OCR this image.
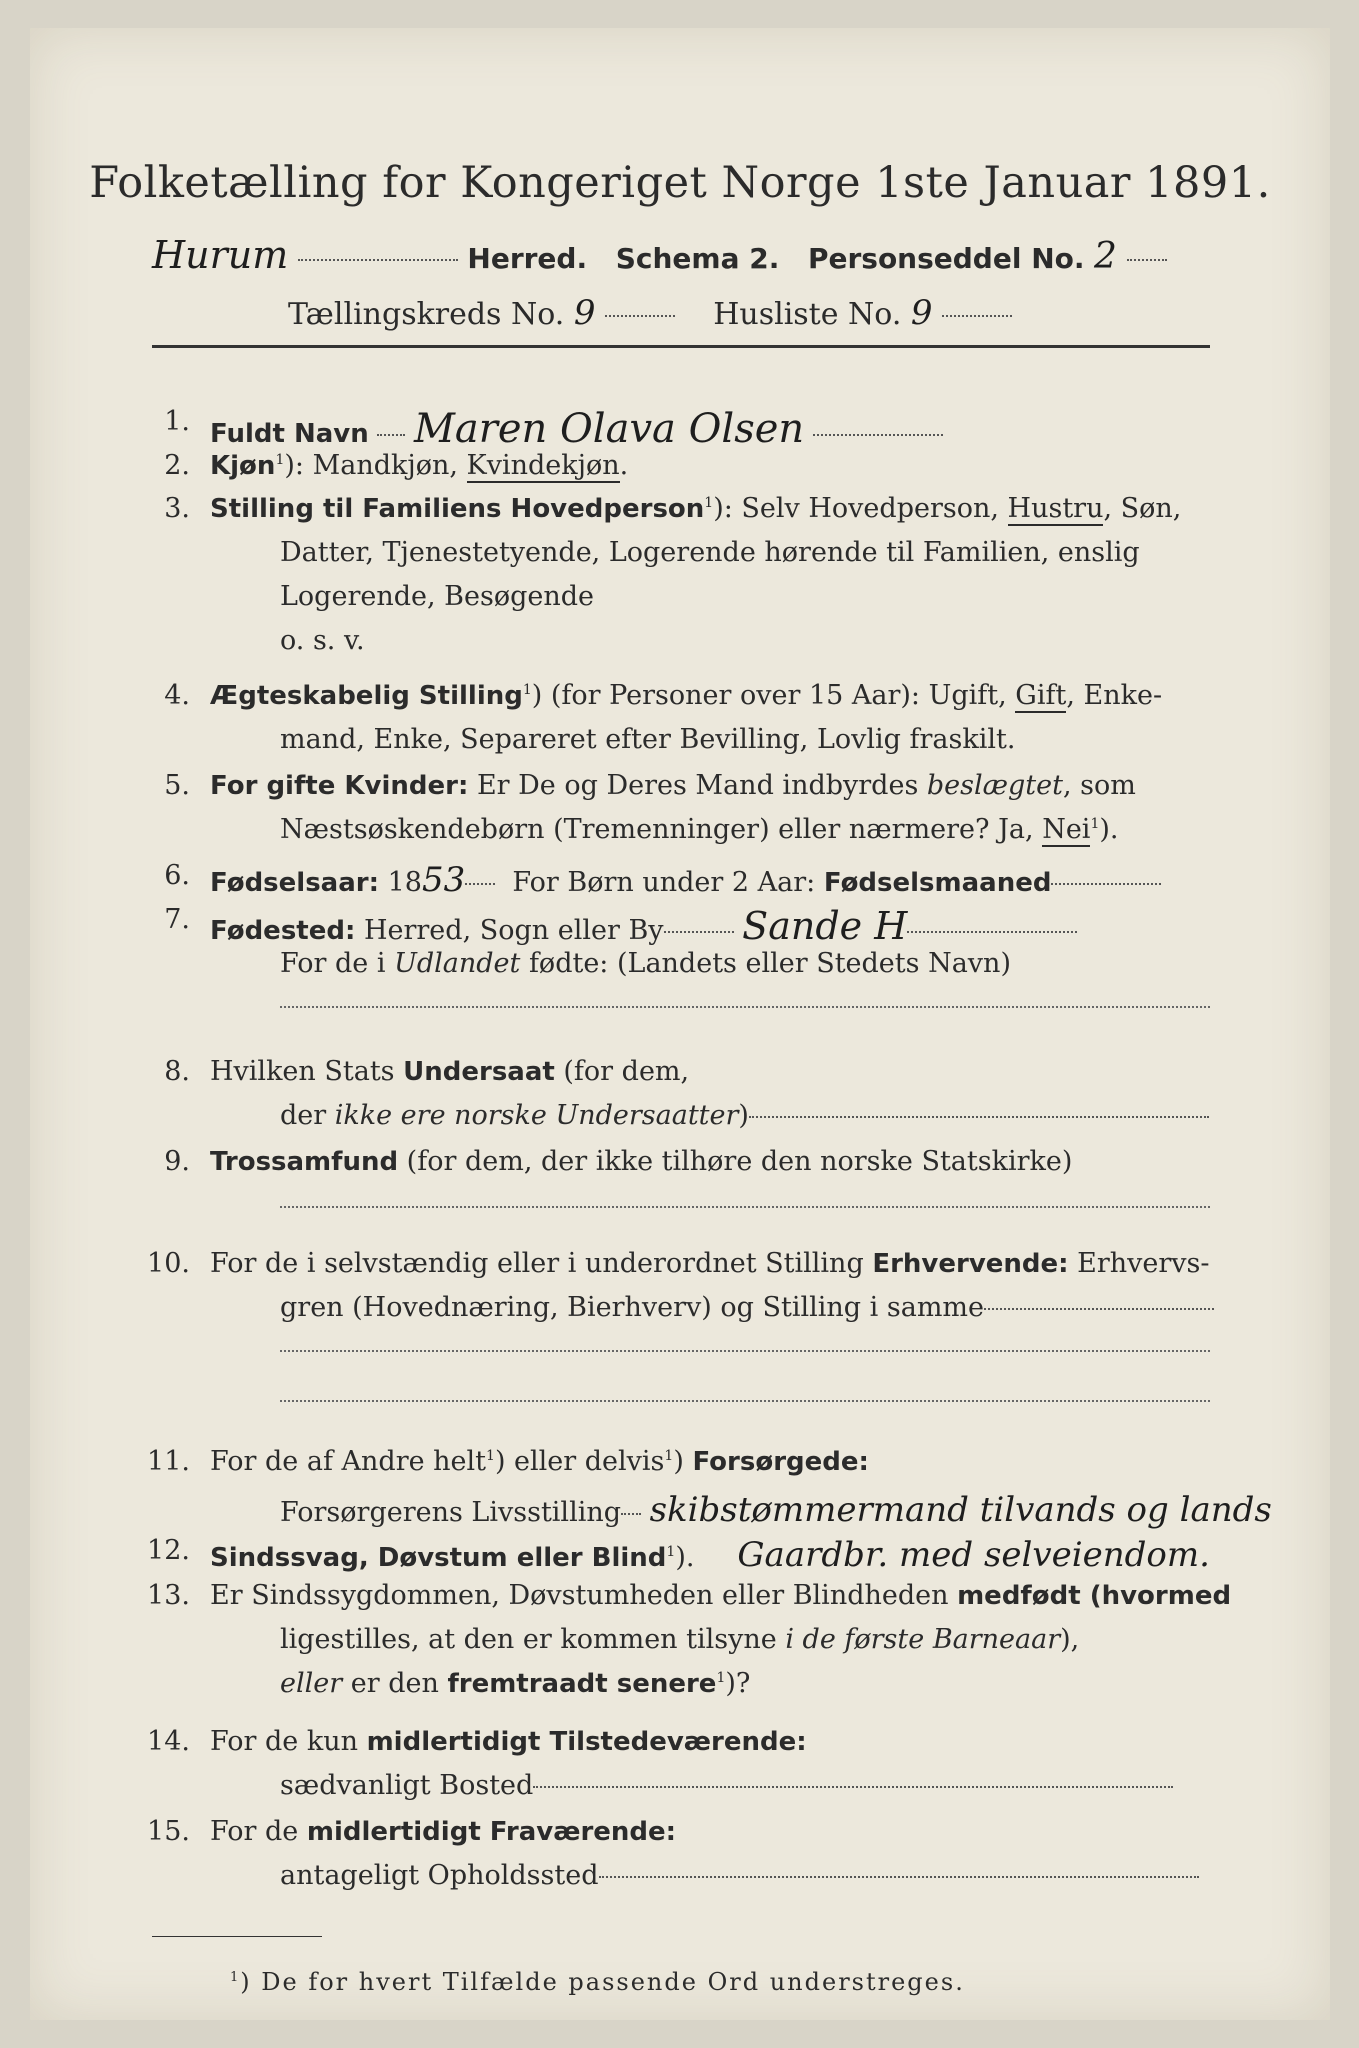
Folketælling for Kongeriget Norge 1ste Januar 1891.
Hurum	Herred. Schema 2. Personseddel No. 2
Tællingskreds No. 9	Husliste No. 9
1. Fuldt Navn Maren Olava Olsen
2. Kjøn$^1$): Mandkjøn, Kvindekjøn.
3. Stilling til Familiens Hovedperson$^1$): Selv Hovedperson, Hustru, Søn,
Datter, Tjenestetyende, Logerende hørende til Familien, enslig
Logerende, Besøgende
o. s. v.
4. Ægteskabelig Stilling$^1$) (for Personer over 15 Aar): Ugift, Gift, Enke-
mand, Enke, Separeret efter Bevilling, Lovlig fraskilt.
5. For gifte Kvinder: Er De og Deres Mand indbyrdes beslægtet, som
Næstsøskendebørn (Tremenninger) eller nærmere? Ja, Nei$^1$).
6. Fødselsaar: 1853 For Børn under 2 Aar: Fødselsmaaned
7. Fødested: Herred, Sogn eller By Sande H
For de i Udlandet fødte: (Landets eller Stedets Navn)
8. Hvilken Stats Undersaat (for dem,
der ikke ere norske Undersaatter)
9. Trossamfund (for dem, der ikke tilhøre den norske Statskirke)
10. For de i selvstændig eller i underordnet Stilling Erhvervende: Erhvervs-
gren (Hovednæring, Bierhverv) og Stilling i samme
11. For de af Andre helt$^1$) eller delvis$^1$) Forsørgede:
Forsørgerens Livsstilling skibstømmermand tilvands og lands
12. Sindssvag, Døvstum eller Blind$^1$). Gaardbr. med selveiendom.
13. Er Sindssygdommen, Døvstumheden eller Blindheden medfødt (hvormed
ligestilles, at den er kommen tilsyne i de første Barneaar),
eller er den fremtraadt senere$^1$)?
14. For de kun midlertidigt Tilstedeværende:
sædvanligt Bosted
15. For de midlertidigt Fraværende:
antageligt Opholdssted
$^1$) De for hvert Tilfælde passende Ord understreges.
